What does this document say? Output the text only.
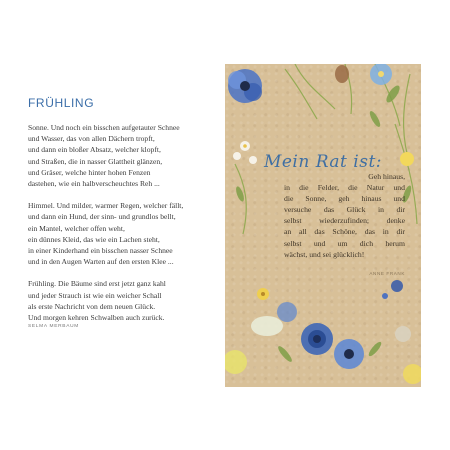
FRÜHLING

Sonne. Und noch ein bisschen aufgetauter Schnee
und Wasser, das von allen Dächern tropft,
und dann ein bloßer Absatz, welcher klopft,
und Straßen, die in nasser Glattheit glänzen,
und Gräser, welche hinter hohen Fenzen
dastehen, wie ein halbverscheuchtes Reh ...

Himmel. Und milder, warmer Regen, welcher fällt,
und dann ein Hund, der sinn- und grundlos bellt,
ein Mantel, welcher offen weht,
ein dünnes Kleid, das wie ein Lachen steht,
in einer Kinderhand ein bisschen nasser Schnee
und in den Augen Warten auf den ersten Klee ...

Frühling. Die Bäume sind erst jetzt ganz kahl
und jeder Strauch ist wie ein weicher Schall
als erste Nachricht von dem neuen Glück.
Und morgen kehren Schwalben auch zurück.

SELMA MERBAUM
Mein Rat ist:
Geh hinaus,
in die Felder, die Natur und
die Sonne, geh hinaus und
versuche das Glück in dir
selbst wiederzufinden; denke
an all das Schöne, das in dir
selbst und um dich herum
wächst, und sei glücklich!
ANNE FRANK
